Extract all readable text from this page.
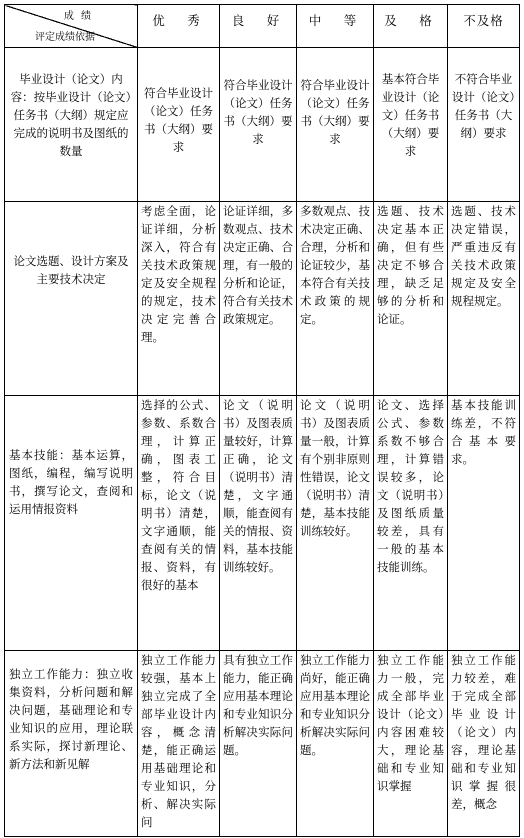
成 绩
评定成绩依据	优　秀	良　好	中　等	及　格	不及格
毕业设计（论文）内容：按毕业设计（论文）任务书（大纲）规定应完成的说明书及图纸的数量	符合毕业设计（论文）任务书（大纲）要求	符合毕业设计（论文）任务书（大纲）要求	符合毕业设计（论文）任务书（大纲）要求	基本符合毕业设计（论文）任务书（大纲）要求	不符合毕业设计（论文）任务书（大纲）要求
论文选题、设计方案及主要技术决定	考虑全面，论证详细，分析深入，符合有关技术政策规定及安全规程的规定，技术决定完善合理。	论证详细，多数观点、技术决定正确、合理，有一般的分析和论证，符合有关技术政策规定。	多数观点、技术决定正确、合理，分析和论证较少，基本符合有关技术政策的规定。	选题、技术决定基本正确，但有些决定不够合理，缺乏足够的分析和论证。	选题、技术决定错误，严重违反有关技术政策规定及安全规程规定。
基本技能：基本运算，图纸，编程，编写说明书，撰写论文，查阅和运用情报资料	选择的公式、参数、系数合理，计算正确，图表工整，符合目标，论文（说明书）清楚，文字通顺，能查阅有关的情报、资料，有很好的基本	论文（说明书）及图表质量较好，计算正确，论文（说明书）清楚，文字通顺，能查阅有关的情报、资料，基本技能训练较好。	论文（说明书）及图表质量一般，计算有个别非原则性错误，论文（说明书）清楚，基本技能训练较好。	论文、选择公式、参数系数不够合理，计算错误较多，论文（说明书）及图纸质量较差，具有一般的基本技能训练。	基本技能训练差，不符合基本要求。
独立工作能力：独立收集资料，分析问题和解决问题，基础理论和专业知识的应用，理论联系实际，探讨新理论、新方法和新见解	独立工作能力较强，基本上独立完成了全部毕业设计内容，概念清楚，能正确运用基础理论和专业知识，分析、解决实际问	具有独立工作能力，能正确应用基本理论和专业知识分析解决实际问题。	独立工作能力尚好，能正确应用基本理论和专业知识分析解决实际问题。	独立工作能力一般，完成全部毕业设计（论文）内容困难较大，理论基础和专业知识掌握	独立工作能力较差，难于完成全部毕业设计（论文）内容，理论基础和专业知识掌握很差，概念
